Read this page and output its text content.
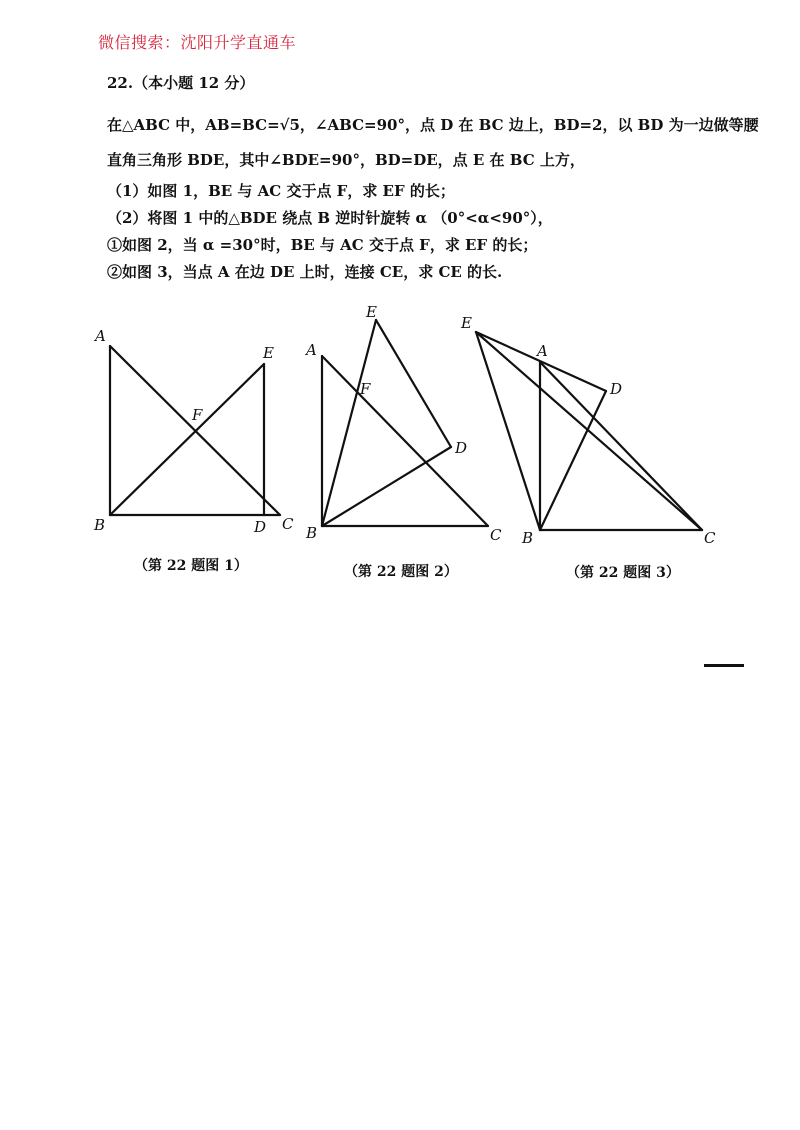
微信搜索：沈阳升学直通车
22.（本小题 12 分）
在△ABC 中，AB=BC=√5，∠ABC=90°，点 D 在 BC 边上，BD=2，以 BD 为一边做等腰
直角三角形 BDE，其中∠BDE=90°，BD=DE，点 E 在 BC 上方，
（1）如图 1，BE 与 AC 交于点 F，求 EF 的长；
（2）将图 1 中的△BDE 绕点 B 逆时针旋转 α （0°<α<90°），
①如图 2，当 α =30°时，BE 与 AC 交于点 F，求 EF 的长；
②如图 3，当点 A 在边 DE 上时，连接 CE，求 CE 的长.
A
B	C
D
E
F
（第 22 题图 1）
A
B	C
D
E
F
（第 22 题图 2）
A
B	C
D
E
（第 22 题图 3）
